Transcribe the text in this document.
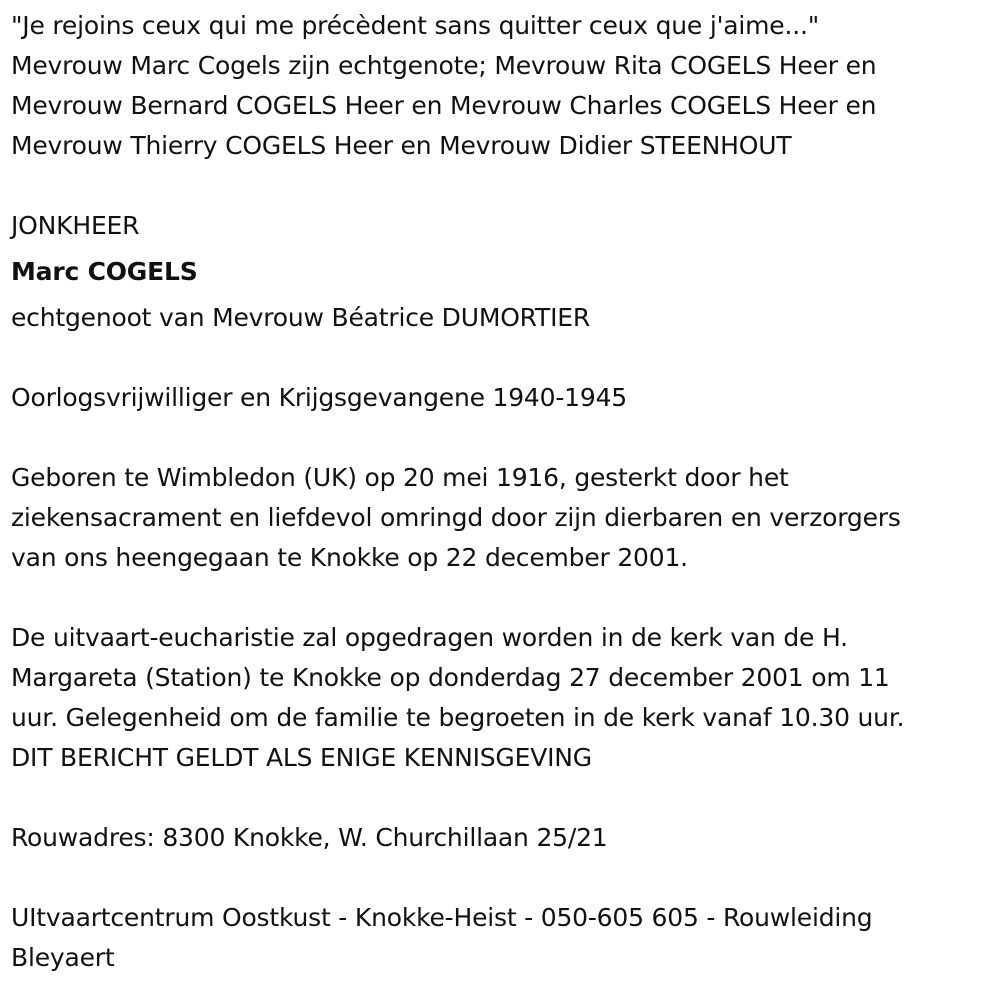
"Je rejoins ceux qui me précèdent sans quitter ceux que j'aime..."
Mevrouw Marc Cogels zijn echtgenote; Mevrouw Rita COGELS Heer en
Mevrouw Bernard COGELS Heer en Mevrouw Charles COGELS Heer en
Mevrouw Thierry COGELS Heer en Mevrouw Didier STEENHOUT
JONKHEER
Marc COGELS
echtgenoot van Mevrouw Béatrice DUMORTIER
Oorlogsvrijwilliger en Krijgsgevangene 1940-1945
Geboren te Wimbledon (UK) op 20 mei 1916, gesterkt door het
ziekensacrament en liefdevol omringd door zijn dierbaren en verzorgers
van ons heengegaan te Knokke op 22 december 2001.
De uitvaart-eucharistie zal opgedragen worden in de kerk van de H.
Margareta (Station) te Knokke op donderdag 27 december 2001 om 11
uur. Gelegenheid om de familie te begroeten in de kerk vanaf 10.30 uur.
DIT BERICHT GELDT ALS ENIGE KENNISGEVING
Rouwadres: 8300 Knokke, W. Churchillaan 25/21
UItvaartcentrum Oostkust - Knokke-Heist - 050-605 605 - Rouwleiding
Bleyaert
